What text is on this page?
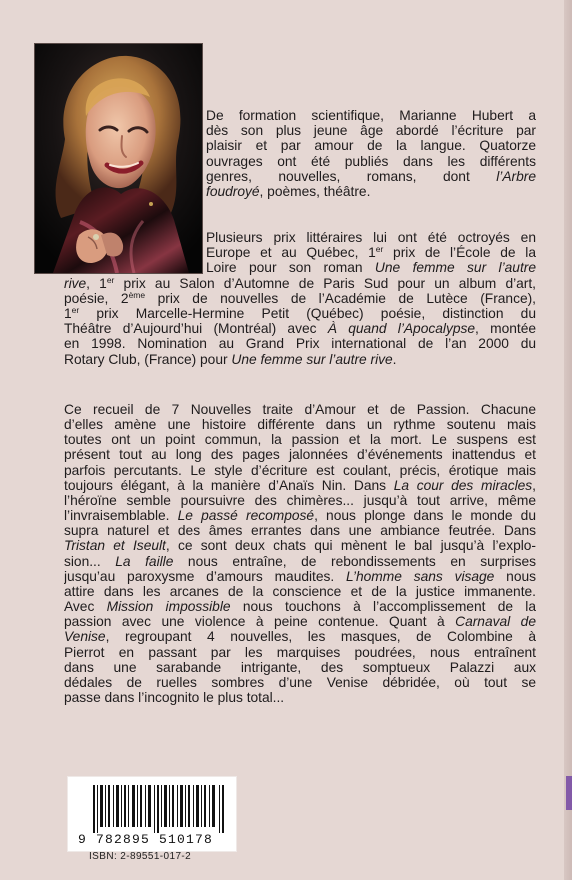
De formation scientifique, Marianne Hubert a
dès son plus jeune âge abordé l’écriture par
plaisir et par amour de la langue. Quatorze
ouvrages ont été publiés dans les différents
genres, nouvelles, romans, dont l’Arbre
foudroyé, poèmes, théâtre.
Plusieurs prix littéraires lui ont été octroyés en
Europe et au Québec, 1er prix de l’École de la
Loire pour son roman Une femme sur l’autre
rive, 1er prix au Salon d’Automne de Paris Sud pour un album d’art,
poésie, 2ème prix de nouvelles de l’Académie de Lutèce (France),
1er prix Marcelle-Hermine Petit (Québec) poésie, distinction du
Théâtre d’Aujourd’hui (Montréal) avec À quand l’Apocalypse, montée
en 1998. Nomination au Grand Prix international de l’an 2000 du
Rotary Club, (France) pour Une femme sur l’autre rive.
Ce recueil de 7 Nouvelles traite d’Amour et de Passion. Chacune
d’elles amène une histoire différente dans un rythme soutenu mais
toutes ont un point commun, la passion et la mort. Le suspens est
présent tout au long des pages jalonnées d’événements inattendus et
parfois percutants. Le style d’écriture est coulant, précis, érotique mais
toujours élégant, à la manière d’Anaïs Nin. Dans La cour des miracles,
l’héroïne semble poursuivre des chimères... jusqu’à tout arrive, même
l’invraisemblable. Le passé recomposé, nous plonge dans le monde du
supra naturel et des âmes errantes dans une ambiance feutrée. Dans
Tristan et Iseult, ce sont deux chats qui mènent le bal jusqu’à l’explo-
sion... La faille nous entraîne, de rebondissements en surprises
jusqu’au paroxysme d’amours maudites. L’homme sans visage nous
attire dans les arcanes de la conscience et de la justice immanente.
Avec Mission impossible nous touchons à l’accomplissement de la
passion avec une violence à peine contenue. Quant à Carnaval de
Venise, regroupant 4 nouvelles, les masques, de Colombine à
Pierrot en passant par les marquises poudrées, nous entraînent
dans une sarabande intrigante, des somptueux Palazzi aux
dédales de ruelles sombres d’une Venise débridée, où tout se
passe dans l’incognito le plus total...
9 782895 510178
ISBN: 2-89551-017-2
